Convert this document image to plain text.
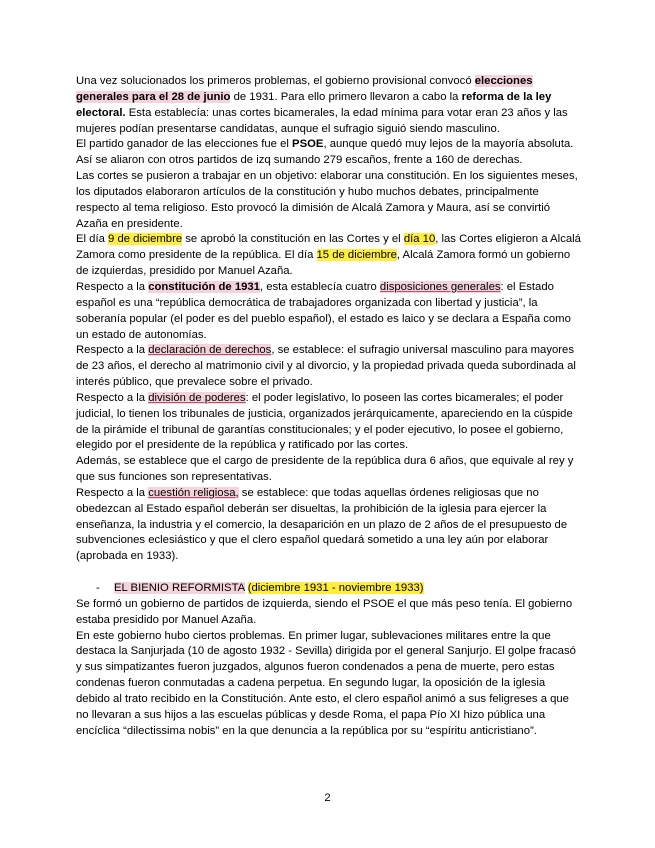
Una vez solucionados los primeros problemas, el gobierno provisional convocó elecciones generales para el 28 de junio de 1931. Para ello primero llevaron a cabo la reforma de la ley electoral. Esta establecía: unas cortes bicamerales, la edad mínima para votar eran 23 años y las mujeres podían presentarse candidatas, aunque el sufragio siguió siendo masculino.

El partido ganador de las elecciones fue el PSOE, aunque quedó muy lejos de la mayoría absoluta. Así se aliaron con otros partidos de izq sumando 279 escaños, frente a 160 de derechas.

Las cortes se pusieron a trabajar en un objetivo: elaborar una constitución. En los siguientes meses, los diputados elaboraron artículos de la constitución y hubo muchos debates, principalmente respecto al tema religioso. Esto provocó la dimisión de Alcalá Zamora y Maura, así se convirtió Azaña en presidente.

El día 9 de diciembre se aprobó la constitución en las Cortes y el día 10, las Cortes eligieron a Alcalá Zamora como presidente de la república. El día 15 de diciembre, Alcalá Zamora formó un gobierno de izquierdas, presidido por Manuel Azaña.

Respecto a la constitución de 1931, esta establecía cuatro disposiciones generales: el Estado español es una “república democrática de trabajadores organizada con libertad y justicia”, la soberanía popular (el poder es del pueblo español), el estado es laico y se declara a España como un estado de autonomías.

Respecto a la declaración de derechos, se establece: el sufragio universal masculino para mayores de 23 años, el derecho al matrimonio civil y al divorcio, y la propiedad privada queda subordinada al interés público, que prevalece sobre el privado.

Respecto a la división de poderes: el poder legislativo, lo poseen las cortes bicamerales; el poder judicial, lo tienen los tribunales de justicia, organizados jerárquicamente, apareciendo en la cúspide de la pirámide el tribunal de garantías constitucionales; y el poder ejecutivo, lo posee el gobierno, elegido por el presidente de la república y ratificado por las cortes.

Además, se establece que el cargo de presidente de la república dura 6 años, que equivale al rey y que sus funciones son representativas.

Respecto a la cuestión religiosa, se establece: que todas aquellas órdenes religiosas que no obedezcan al Estado español deberán ser disueltas, la prohibición de la iglesia para ejercer la enseñanza, la industria y el comercio, la desaparición en un plazo de 2 años de el presupuesto de subvenciones eclesiástico y que el clero español quedará sometido a una ley aún por elaborar (aprobada en 1933).

- EL BIENIO REFORMISTA (diciembre 1931 - noviembre 1933)

Se formó un gobierno de partidos de izquierda, siendo el PSOE el que más peso tenía. El gobierno estaba presidido por Manuel Azaña.

En este gobierno hubo ciertos problemas. En primer lugar, sublevaciones militares entre la que destaca la Sanjurjada (10 de agosto 1932 - Sevilla) dirigida por el general Sanjurjo. El golpe fracasó y sus simpatizantes fueron juzgados, algunos fueron condenados a pena de muerte, pero estas condenas fueron conmutadas a cadena perpetua. En segundo lugar, la oposición de la iglesia debido al trato recibido en la Constitución. Ante esto, el clero español animó a sus feligreses a que no llevaran a sus hijos a las escuelas públicas y desde Roma, el papa Pío XI hizo pública una encíclica “dilectissima nobis” en la que denuncia a la república por su “espíritu anticristiano”.

2
